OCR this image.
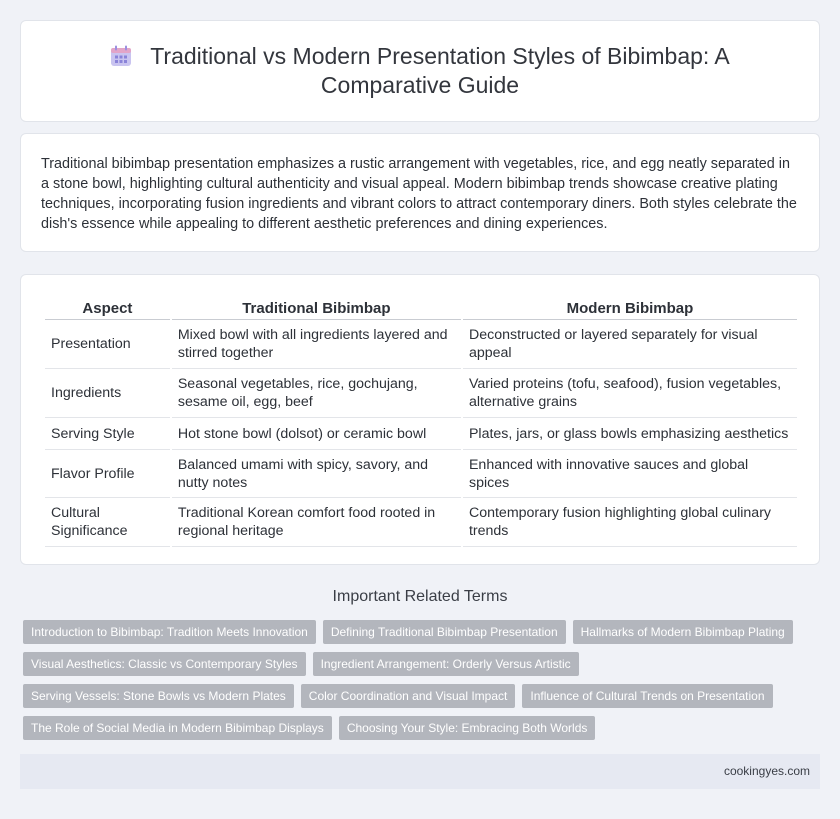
Traditional vs Modern Presentation Styles of Bibimbap: A Comparative Guide

Traditional bibimbap presentation emphasizes a rustic arrangement with vegetables, rice, and egg neatly separated in a stone bowl, highlighting cultural authenticity and visual appeal. Modern bibimbap trends showcase creative plating techniques, incorporating fusion ingredients and vibrant colors to attract contemporary diners. Both styles celebrate the dish's essence while appealing to different aesthetic preferences and dining experiences.

Aspect	Traditional Bibimbap	Modern Bibimbap
Presentation	Mixed bowl with all ingredients layered and stirred together	Deconstructed or layered separately for visual appeal
Ingredients	Seasonal vegetables, rice, gochujang, sesame oil, egg, beef	Varied proteins (tofu, seafood), fusion vegetables, alternative grains
Serving Style	Hot stone bowl (dolsot) or ceramic bowl	Plates, jars, or glass bowls emphasizing aesthetics
Flavor Profile	Balanced umami with spicy, savory, and nutty notes	Enhanced with innovative sauces and global spices
Cultural Significance	Traditional Korean comfort food rooted in regional heritage	Contemporary fusion highlighting global culinary trends
Important Related Terms
Introduction to Bibimbap: Tradition Meets Innovation	Defining Traditional Bibimbap Presentation	Hallmarks of Modern Bibimbap Plating
Visual Aesthetics: Classic vs Contemporary Styles	Ingredient Arrangement: Orderly Versus Artistic
Serving Vessels: Stone Bowls vs Modern Plates	Color Coordination and Visual Impact	Influence of Cultural Trends on Presentation
The Role of Social Media in Modern Bibimbap Displays	Choosing Your Style: Embracing Both Worlds
cookingyes.com
